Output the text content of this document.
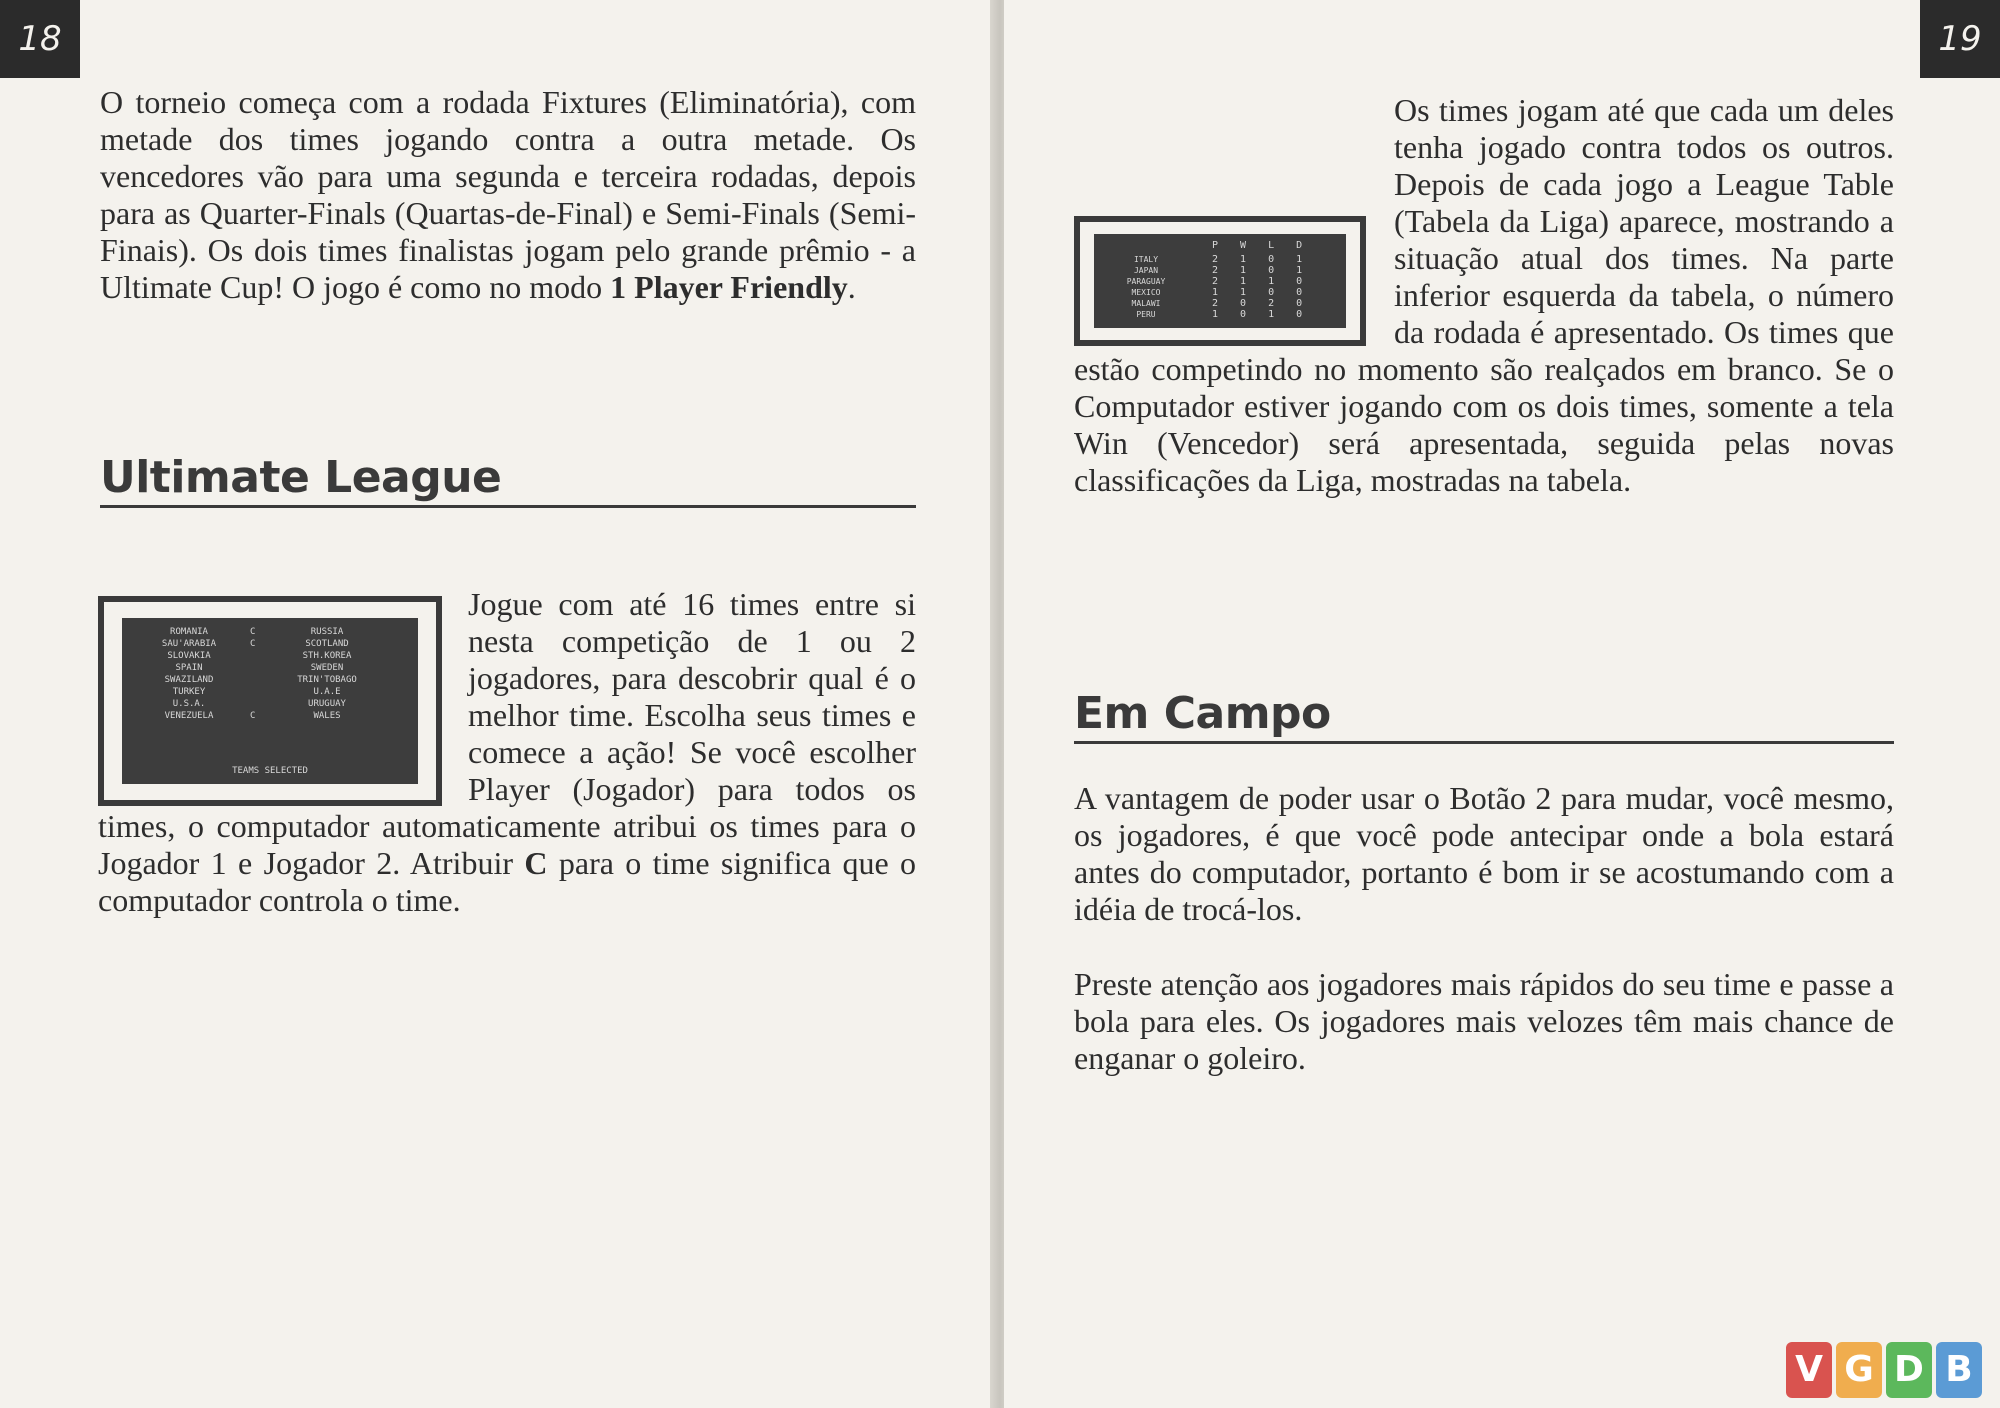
18
O torneio começa com a rodada Fixtures (Eliminatória), com metade dos times jogando contra a outra metade. Os vencedores vão para uma segunda e terceira rodadas, depois para as Quarter-Finals (Quartas-de-Final) e Semi-Finals (Semi-Finais). Os dois times finalistas jogam pelo grande prêmio - a Ultimate Cup! O jogo é como no modo 1 Player Friendly.
Ultimate League
ROMANIA
SAU'ARABIA
SLOVAKIA
SPAIN
SWAZILAND
TURKEY
U.S.A.
VENEZUELA
C
C

C
RUSSIA
SCOTLAND
STH.KOREA
SWEDEN
TRIN'TOBAGO
U.A.E
URUGUAY
WALES
TEAMS SELECTED
Jogue com até 16 times entre si nesta competição de 1 ou 2 jogadores, para descobrir qual é o melhor time. Escolha seus times e comece a ação! Se você escolher Player (Jogador) para todos os times, o computador automaticamente atribui os times para o Jogador 1 e Jogador 2. Atribuir C para o time significa que o computador controla o time.
19
Os times jogam até que cada um deles tenha jogado contra todos os outros. Depois de cada jogo a League Table (Tabela da Liga) aparece, mostrando a situação atual dos times. Na parte inferior esquerda da tabela, o número da rodada é apresentado. Os times que estão competindo no momento são realçados em branco. Se o Computador estiver jogando com os dois times, somente a tela Win (Vencedor) será apresentada, seguida pelas novas classificações da Liga, mostradas na tabela.
ITALY
JAPAN
PARAGUAY
MEXICO
MALAWI
PERU
P
2
2
2
1
2
1
W
1
1
1
1
0
0
L
0
0
1
0
2
1
D
1
1
0
0
0
0
Em Campo
A vantagem de poder usar o Botão 2 para mudar, você mesmo, os jogadores, é que você pode antecipar onde a bola estará antes do computador, portanto é bom ir se acostumando com a idéia de trocá-los.
Preste atenção aos jogadores mais rápidos do seu time e passe a bola para eles. Os jogadores mais velozes têm mais chance de enganar o goleiro.
V G D B
